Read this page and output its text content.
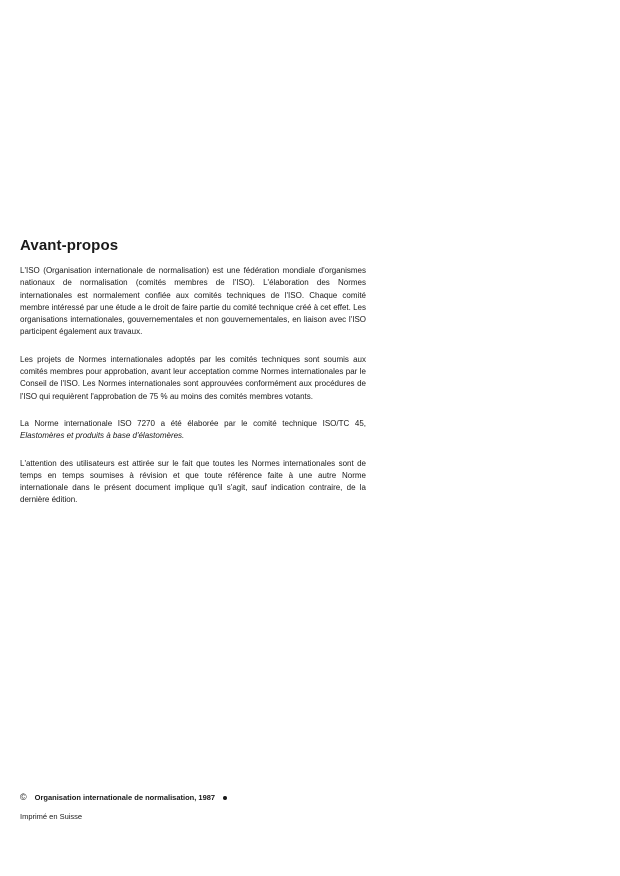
Avant-propos

L'ISO (Organisation internationale de normalisation) est une fédération mondiale d'organismes nationaux de normalisation (comités membres de l'ISO). L'élaboration des Normes internationales est normalement confiée aux comités techniques de l'ISO. Chaque comité membre intéressé par une étude a le droit de faire partie du comité technique créé à cet effet. Les organisations internationales, gouvernementales et non gouvernementales, en liaison avec l'ISO participent également aux travaux.

Les projets de Normes internationales adoptés par les comités techniques sont soumis aux comités membres pour approbation, avant leur acceptation comme Normes internationales par le Conseil de l'ISO. Les Normes internationales sont approuvées conformément aux procédures de l'ISO qui requièrent l'approbation de 75 % au moins des comités membres votants.

La Norme internationale ISO 7270 a été élaborée par le comité technique ISO/TC 45, Elastomères et produits à base d'élastomères.

L'attention des utilisateurs est attirée sur le fait que toutes les Normes internationales sont de temps en temps soumises à révision et que toute référence faite à une autre Norme internationale dans le présent document implique qu'il s'agit, sauf indication contraire, de la dernière édition.

© Organisation internationale de normalisation, 1987
Imprimé en Suisse
